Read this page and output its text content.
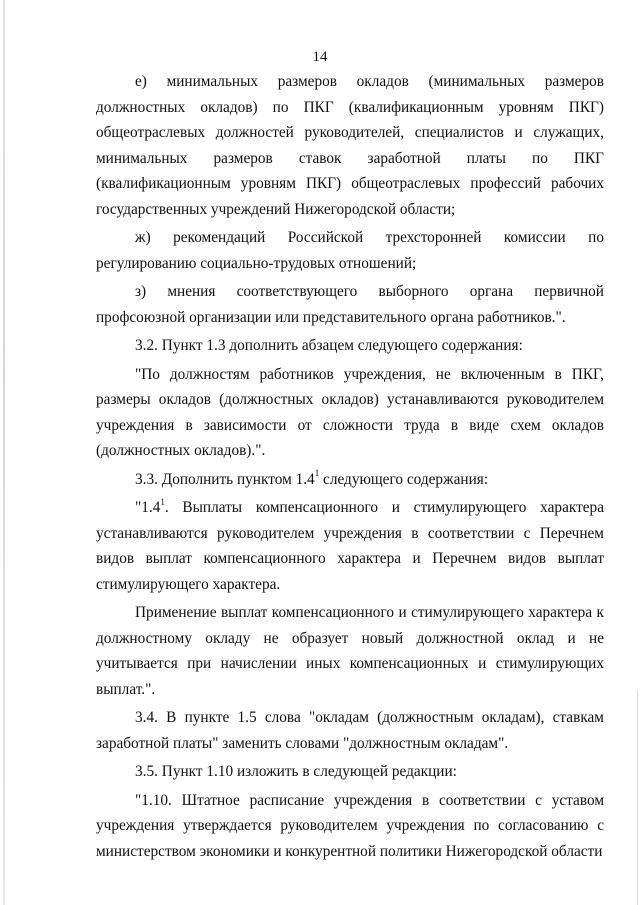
14

е) минимальных размеров окладов (минимальных размеров должностных окладов) по ПКГ (квалификационным уровням ПКГ) общеотраслевых должностей руководителей, специалистов и служащих, минимальных размеров ставок заработной платы по ПКГ (квалификационным уровням ПКГ) общеотраслевых профессий рабочих государственных учреждений Нижегородской области;

ж) рекомендаций Российской трехсторонней комиссии по регулированию социально-трудовых отношений;

з) мнения соответствующего выборного органа первичной профсоюзной организации или представительного органа работников.".

3.2. Пункт 1.3 дополнить абзацем следующего содержания:

"По должностям работников учреждения, не включенным в ПКГ, размеры окладов (должностных окладов) устанавливаются руководителем учреждения в зависимости от сложности труда в виде схем окладов (должностных окладов).".

3.3. Дополнить пунктом $1.4^1$ следующего содержания:

"$1.4^1$. Выплаты компенсационного и стимулирующего характера устанавливаются руководителем учреждения в соответствии с Перечнем видов выплат компенсационного характера и Перечнем видов выплат стимулирующего характера.

Применение выплат компенсационного и стимулирующего характера к должностному окладу не образует новый должностной оклад и не учитывается при начислении иных компенсационных и стимулирующих выплат.".

3.4. В пункте 1.5 слова "окладам (должностным окладам), ставкам заработной платы" заменить словами "должностным окладам".

3.5. Пункт 1.10 изложить в следующей редакции:

"1.10. Штатное расписание учреждения в соответствии с уставом учреждения утверждается руководителем учреждения по согласованию с министерством экономики и конкурентной политики Нижегородской области
